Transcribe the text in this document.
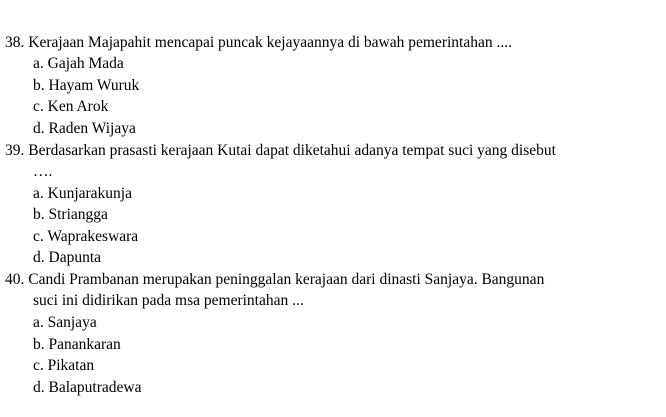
38. Kerajaan Majapahit mencapai puncak kejayaannya di bawah pemerintahan ....
a. Gajah Mada
b. Hayam Wuruk
c. Ken Arok
d. Raden Wijaya
39. Berdasarkan prasasti kerajaan Kutai dapat diketahui adanya tempat suci yang disebut
….
a. Kunjarakunja
b. Striangga
c. Waprakeswara
d. Dapunta
40. Candi Prambanan merupakan peninggalan kerajaan dari dinasti Sanjaya. Bangunan
suci ini didirikan pada msa pemerintahan ...
a. Sanjaya
b. Panankaran
c. Pikatan
d. Balaputradewa
